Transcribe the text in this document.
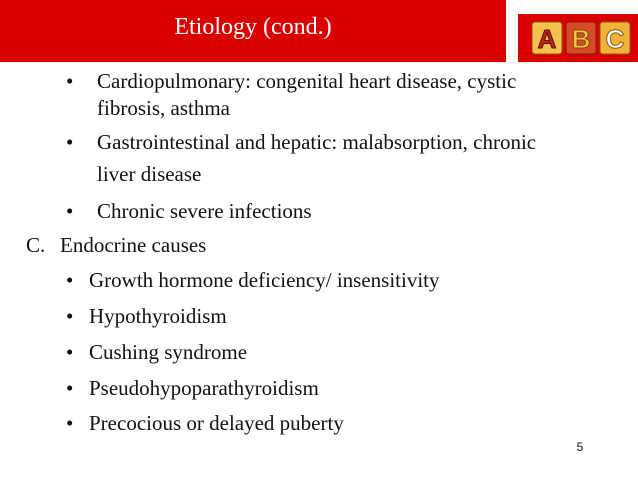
Etiology (cond.)	A B C
• Cardiopulmonary: congenital heart disease, cystic
fibrosis, asthma
• Gastrointestinal and hepatic: malabsorption, chronic
liver disease
• Chronic severe infections
C. Endocrine causes
• Growth hormone deficiency/ insensitivity
• Hypothyroidism
• Cushing syndrome
• Pseudohypoparathyroidism
• Precocious or delayed puberty
5
